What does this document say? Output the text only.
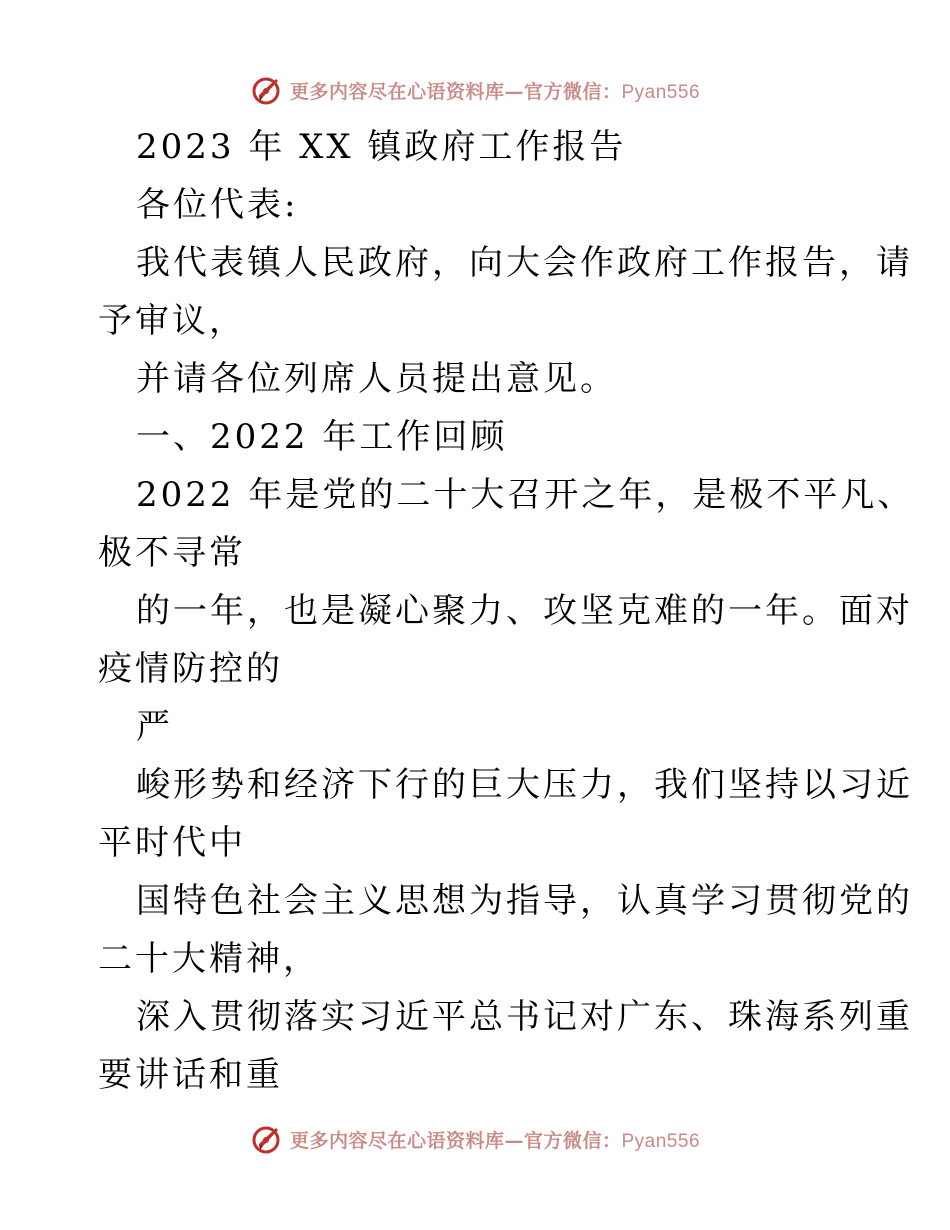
更多内容尽在心语资料库—官方微信：Pyan556
2023 年 XX 镇政府工作报告
各位代表:
我代表镇人民政府，向大会作政府工作报告，请
予审议，
并请各位列席人员提出意见。
一、2022 年工作回顾
2022 年是党的二十大召开之年，是极不平凡、
极不寻常
的一年，也是凝心聚力、攻坚克难的一年。面对
疫情防控的
严
峻形势和经济下行的巨大压力，我们坚持以习近
平时代中
国特色社会主义思想为指导，认真学习贯彻党的
二十大精神，
深入贯彻落实习近平总书记对广东、珠海系列重
要讲话和重
更多内容尽在心语资料库—官方微信：Pyan556
